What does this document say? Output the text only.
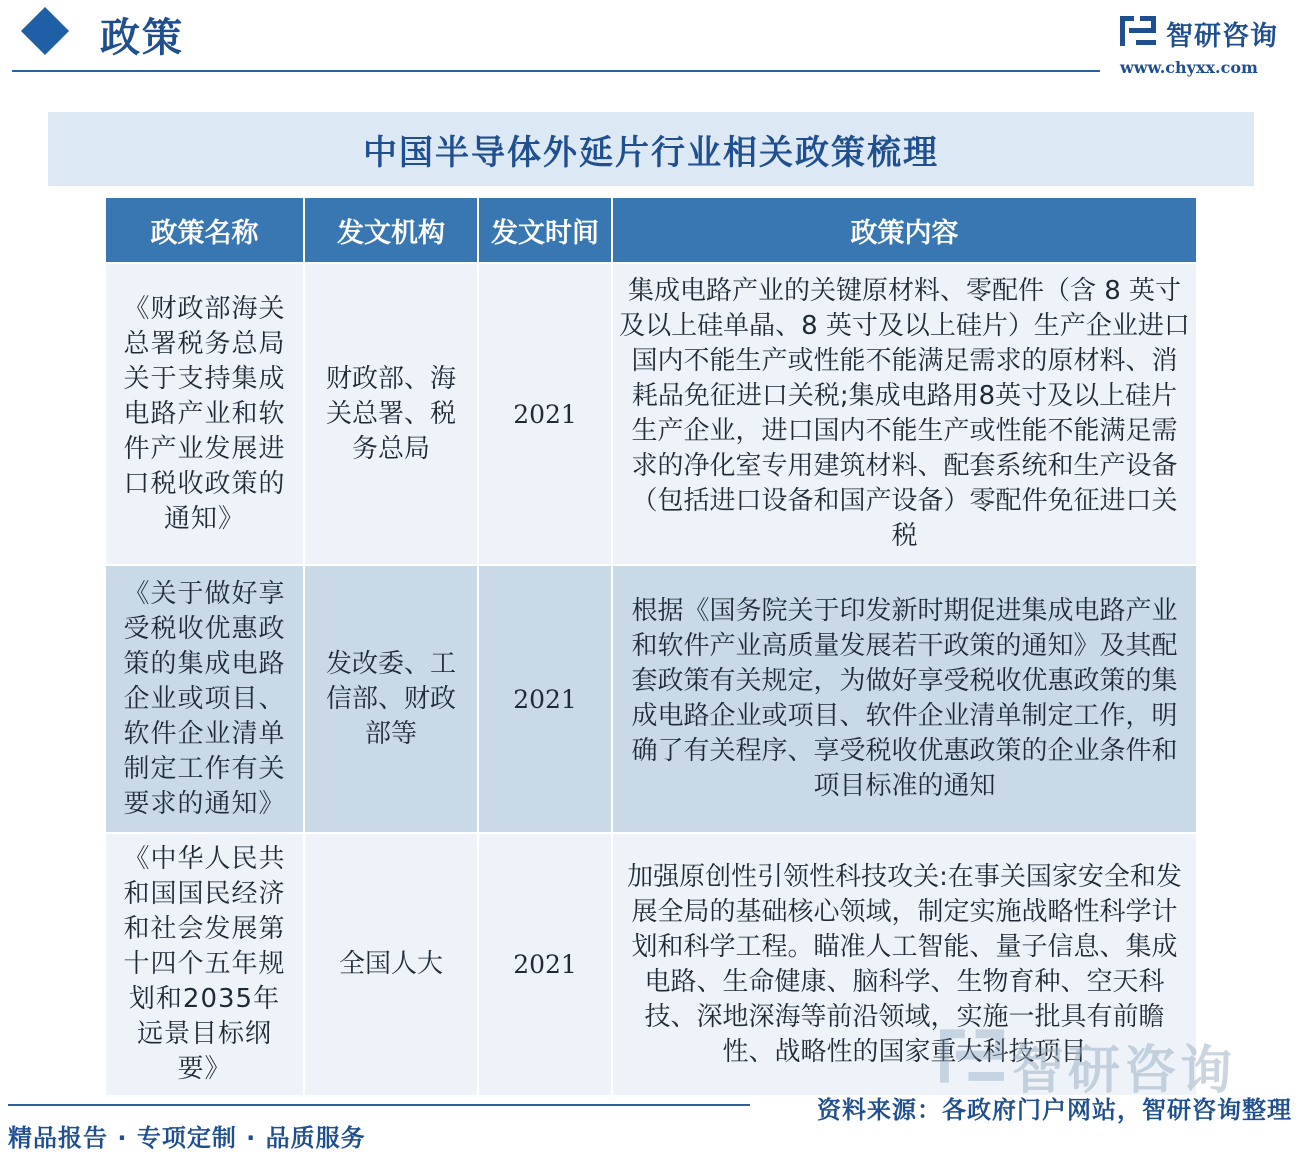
政策	智研咨询
www.chyxx.com
中国半导体外延片行业相关政策梳理
政策名称	发文机构	发文时间	政策内容
《财政部海关总署税务总局关于支持集成电路产业和软件产业发展进口税收政策的通知》	财政部、海关总署、税务总局	2021	集成电路产业的关键原材料、零配件（含 8 英寸及以上硅单晶、8 英寸及以上硅片）生产企业进口国内不能生产或性能不能满足需求的原材料、消耗品免征进口关税;集成电路用8英寸及以上硅片生产企业，进口国内不能生产或性能不能满足需求的净化室专用建筑材料、配套系统和生产设备（包括进口设备和国产设备）零配件免征进口关税
《关于做好享受税收优惠政策的集成电路企业或项目、软件企业清单制定工作有关要求的通知》	发改委、工信部、财政部等	2021	根据《国务院关于印发新时期促进集成电路产业和软件产业高质量发展若干政策的通知》及其配套政策有关规定，为做好享受税收优惠政策的集成电路企业或项目、软件企业清单制定工作，明确了有关程序、享受税收优惠政策的企业条件和项目标准的通知
《中华人民共和国国民经济和社会发展第十四个五年规划和2035年远景目标纲要》	全国人大	2021	加强原创性引领性科技攻关:在事关国家安全和发展全局的基础核心领域，制定实施战略性科学计划和科学工程。瞄准人工智能、量子信息、集成电路、生命健康、脑科学、生物育种、空天科技、深地深海等前沿领域，实施一批具有前瞻性、战略性的国家重大科技项目
智研咨询
资料来源：各政府门户网站，智研咨询整理
精品报告 · 专项定制 · 品质服务
